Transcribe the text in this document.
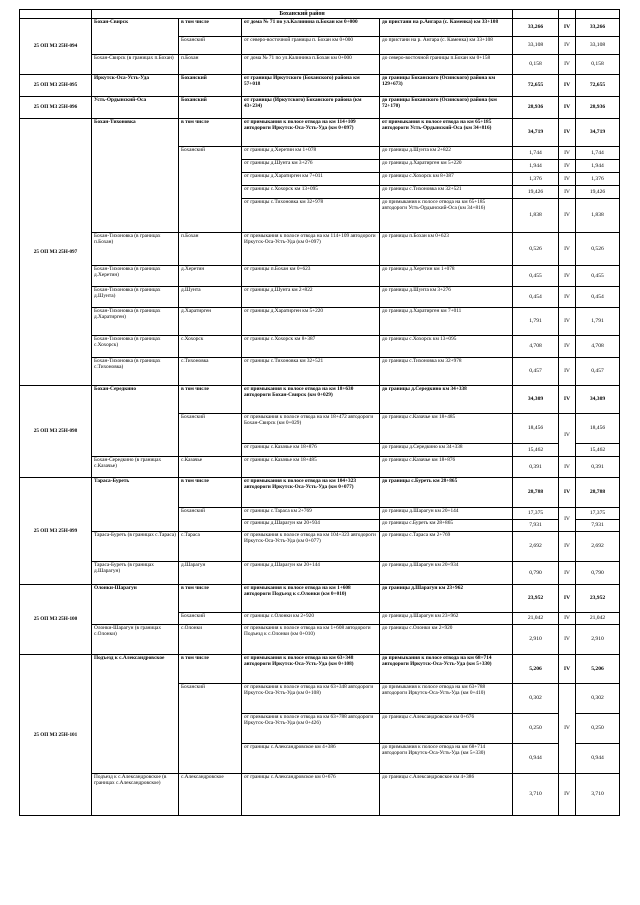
	Боханский район						
25 ОП МЗ 25Н-094	Бохан-Свирск	в том числе	от дома № 71 по ул.Калинина п.Бохан км 0+000	до пристани на р.Ангара (с. Каменка) км 33+108	33,266	IV	33,266
		Боханский	от северо-восточной границы п. Бохан км 0+000	до пристани на р. Ангара (с. Каменка) км 33+108	33,108	IV	33,108
	Бохан-Свирск (в границах п.Бохан)	п.Бохан	от дома № 71 по ул.Калинина п.Бохан км 0+000	до северо-восточной границы п.Бохан км 0+158	0,158	IV	0,158
25 ОП МЗ 25Н-095	Иркутск-Оса-Усть-Уда	Боханский	от границы Иркутского (Боханского) района км 57+018	до границы Боханского (Осинского) района км 129+673)	72,655	IV	72,655
25 ОП МЗ 25Н-096	Усть-Ордынский-Оса	Боханский	от границы (Иркутского) Боханского района (км 43+234)	до границы Боханского (Осинского) района (км 72+170)	28,936	IV	28,936
25 ОП МЗ 25Н-097	Бохан-Тихоновка	в том числе	от примыкания к полосе отвода на км 114+109 автодороги Иркутск-Оса-Усть-Уда (км 0+097)	от примыкания к полосе отвода на км 65+185 автодороги Усть-Ордынский-Оса (км 34+816)	34,719	IV	34,719
		Боханский	от границы д.Херетин км 1+078	до границы д.Шунта км 2+822	1,744	IV	1,744
			от границы д.Шунта км 3+276	до границы д.Харатирген км 5+220	1,944	IV	1,944
			от границы д.Харатирген км 7+011	до границы с.Хохорск км 8+387	1,376	IV	1,376
			от границы с.Хохорск км 13+095	до границы с.Тихоновка км 32+521	19,426	IV	19,426
			от границы с.Тихоновка км 32+978	до примыкания к полосе отвода на км 65+185 автодороги Усть-Ордынский-Оса (км 34+816)	1,838	IV	1,838
	Бохан-Тихоновка (в границах п.Бохан)	п.Бохан	от примыкания к полосе отвода на км 114+109 автодороги Иркутск-Оса-Усть-Уда (км 0+097)	до границы п.Бохан км 0+623	0,526	IV	0,526
	Бохан-Тихоновка (в границах д.Херетин)	д.Херетин	от границы п.Бохан км 0+623	до границы д.Херетин км 1+078	0,455	IV	0,455
	Бохан-Тихоновка (в границах д.Шунта)	д.Шунта	от границы д.Шунта км 2+822	до границы д.Шунта км 3+276	0,454	IV	0,454
	Бохан-Тихоновка (в границах д.Харатирген)	д.Харатирген	от границы д.Харатирген км 5+220	до границы д.Харатирген км 7+011	1,791	IV	1,791
	Бохан-Тихоновка (в границах с.Хохорск)	с.Хохорск	от границы с.Хохорск км 8+387	до границы с.Хохорск км 13+095	4,708	IV	4,708
	Бохан-Тихоновка (в границах с.Тихоновка)	с.Тихоновка	от границы с.Тихоновка км 32+521	до границы с.Тихоновка км 32+978	0,457	IV	0,457
25 ОП МЗ 25Н-098	Бохан-Середкино	в том числе	от примыкания к полосе отвода на км 18+630 автодороги Бохан-Свирск (км 0+029)	до границы д.Середкино км 34+338	34,309	IV	34,309
		Боханский	от примыкания к полосе отвода на км 18+472 автодороги Бохан-Свирск (км 0+029)	до границы с.Казачье км 18+485	18,456	IV	18,456
			от границы с.Казачье км 18+876	до границы д.Середкино км 34+338	15,462		15,462
	Бохан-Середкино (в границах с.Казачье)	с.Казачье	от границы с.Казачье км 18+485	до границы с.Казачье км 18+876	0,391	IV	0,391
25 ОП МЗ 25Н-099	Тараса-Буреть	в том числе	от примыкания к полосе отвода на км 104+323 автодороги Иркутск-Оса-Усть-Уда (км 0+077)	до границы с.Буреть км 28+865	28,788	IV	28,788
		Боханский	от границы с.Тараса км 2+769	до границы д.Шарагун км 20+144	17,375	IV	17,375
			от границы д.Шарагун км 20+934	до границы с.Буреть км 28+865	7,931		7,931
	Тараса-Буреть (в границах с.Тараса)	с.Тараса	от примыкания к полосе отвода на км 104+323 автодороги Иркутск-Оса-Усть-Уда (км 0+077)	до границы с.Тараса км 2+769	2,692	IV	2,692
	Тараса-Буреть (в границах д.Шарагун)	д.Шарагун	от границы д.Шарагун км 20+144	до границы д.Шарагун км 20+934	0,790	IV	0,790
25 ОП МЗ 25Н-100	Олонки-Шарагун	в том числе	от примыкания к полосе отвода на км 1+608 автодороги Подъезд к с.Олонки (км 0+010)	до границы д.Шарагун км 23+962	23,952	IV	23,952
		Боханский	от границы с.Олонки км 2+920	до границы д.Шарагун км 23+962	21,042	IV	21,042
	Олонки-Шарагун (в границах с.Олонки)	с.Олонки	от примыкания к полосе отвода на км 1+608 автодороги Подъезд к с.Олонки (км 0+010)	до границы с.Олонки км 2+920	2,910	IV	2,910
25 ОП МЗ 25Н-101	Подъезд к с.Александровское	в том числе	от примыкания к полосе отвода на км 63+348 автодороги Иркутск-Оса-Усть-Уда (км 0+108)	до примыкания к полосе отвода на км 68+714 автодороги Иркутск-Оса-Усть-Уда (км 5+330)	5,206	IV	5,206
		Боханский	от примыкания к полосе отвода на км 63+348 автодороги Иркутск-Оса-Усть-Уда (км 0+108)	до примыкания к полосе отвода на км 63+788 автодороги Иркутск-Оса-Усть-Уда (км 0+410)	0,302	IV	0,302
			от примыкания к полосе отвода на км 63+788 автодороги Иркутск-Оса-Усть-Уда (км 0+426)	до границы с.Александровское км 0+676	0,250		0,250
			от границы с.Александровское км 4+386	до примыкания к полосе отвода на км 68+714 автодороги Иркутск-Оса-Усть-Уда (км 5+330)	0,944		0,944
	Подъезд к с.Александровское (в границах с.Александровское)	с.Александровское	от границы с.Александровское км 0+676	до границы с.Александровское км 4+386	3,710	IV	3,710
